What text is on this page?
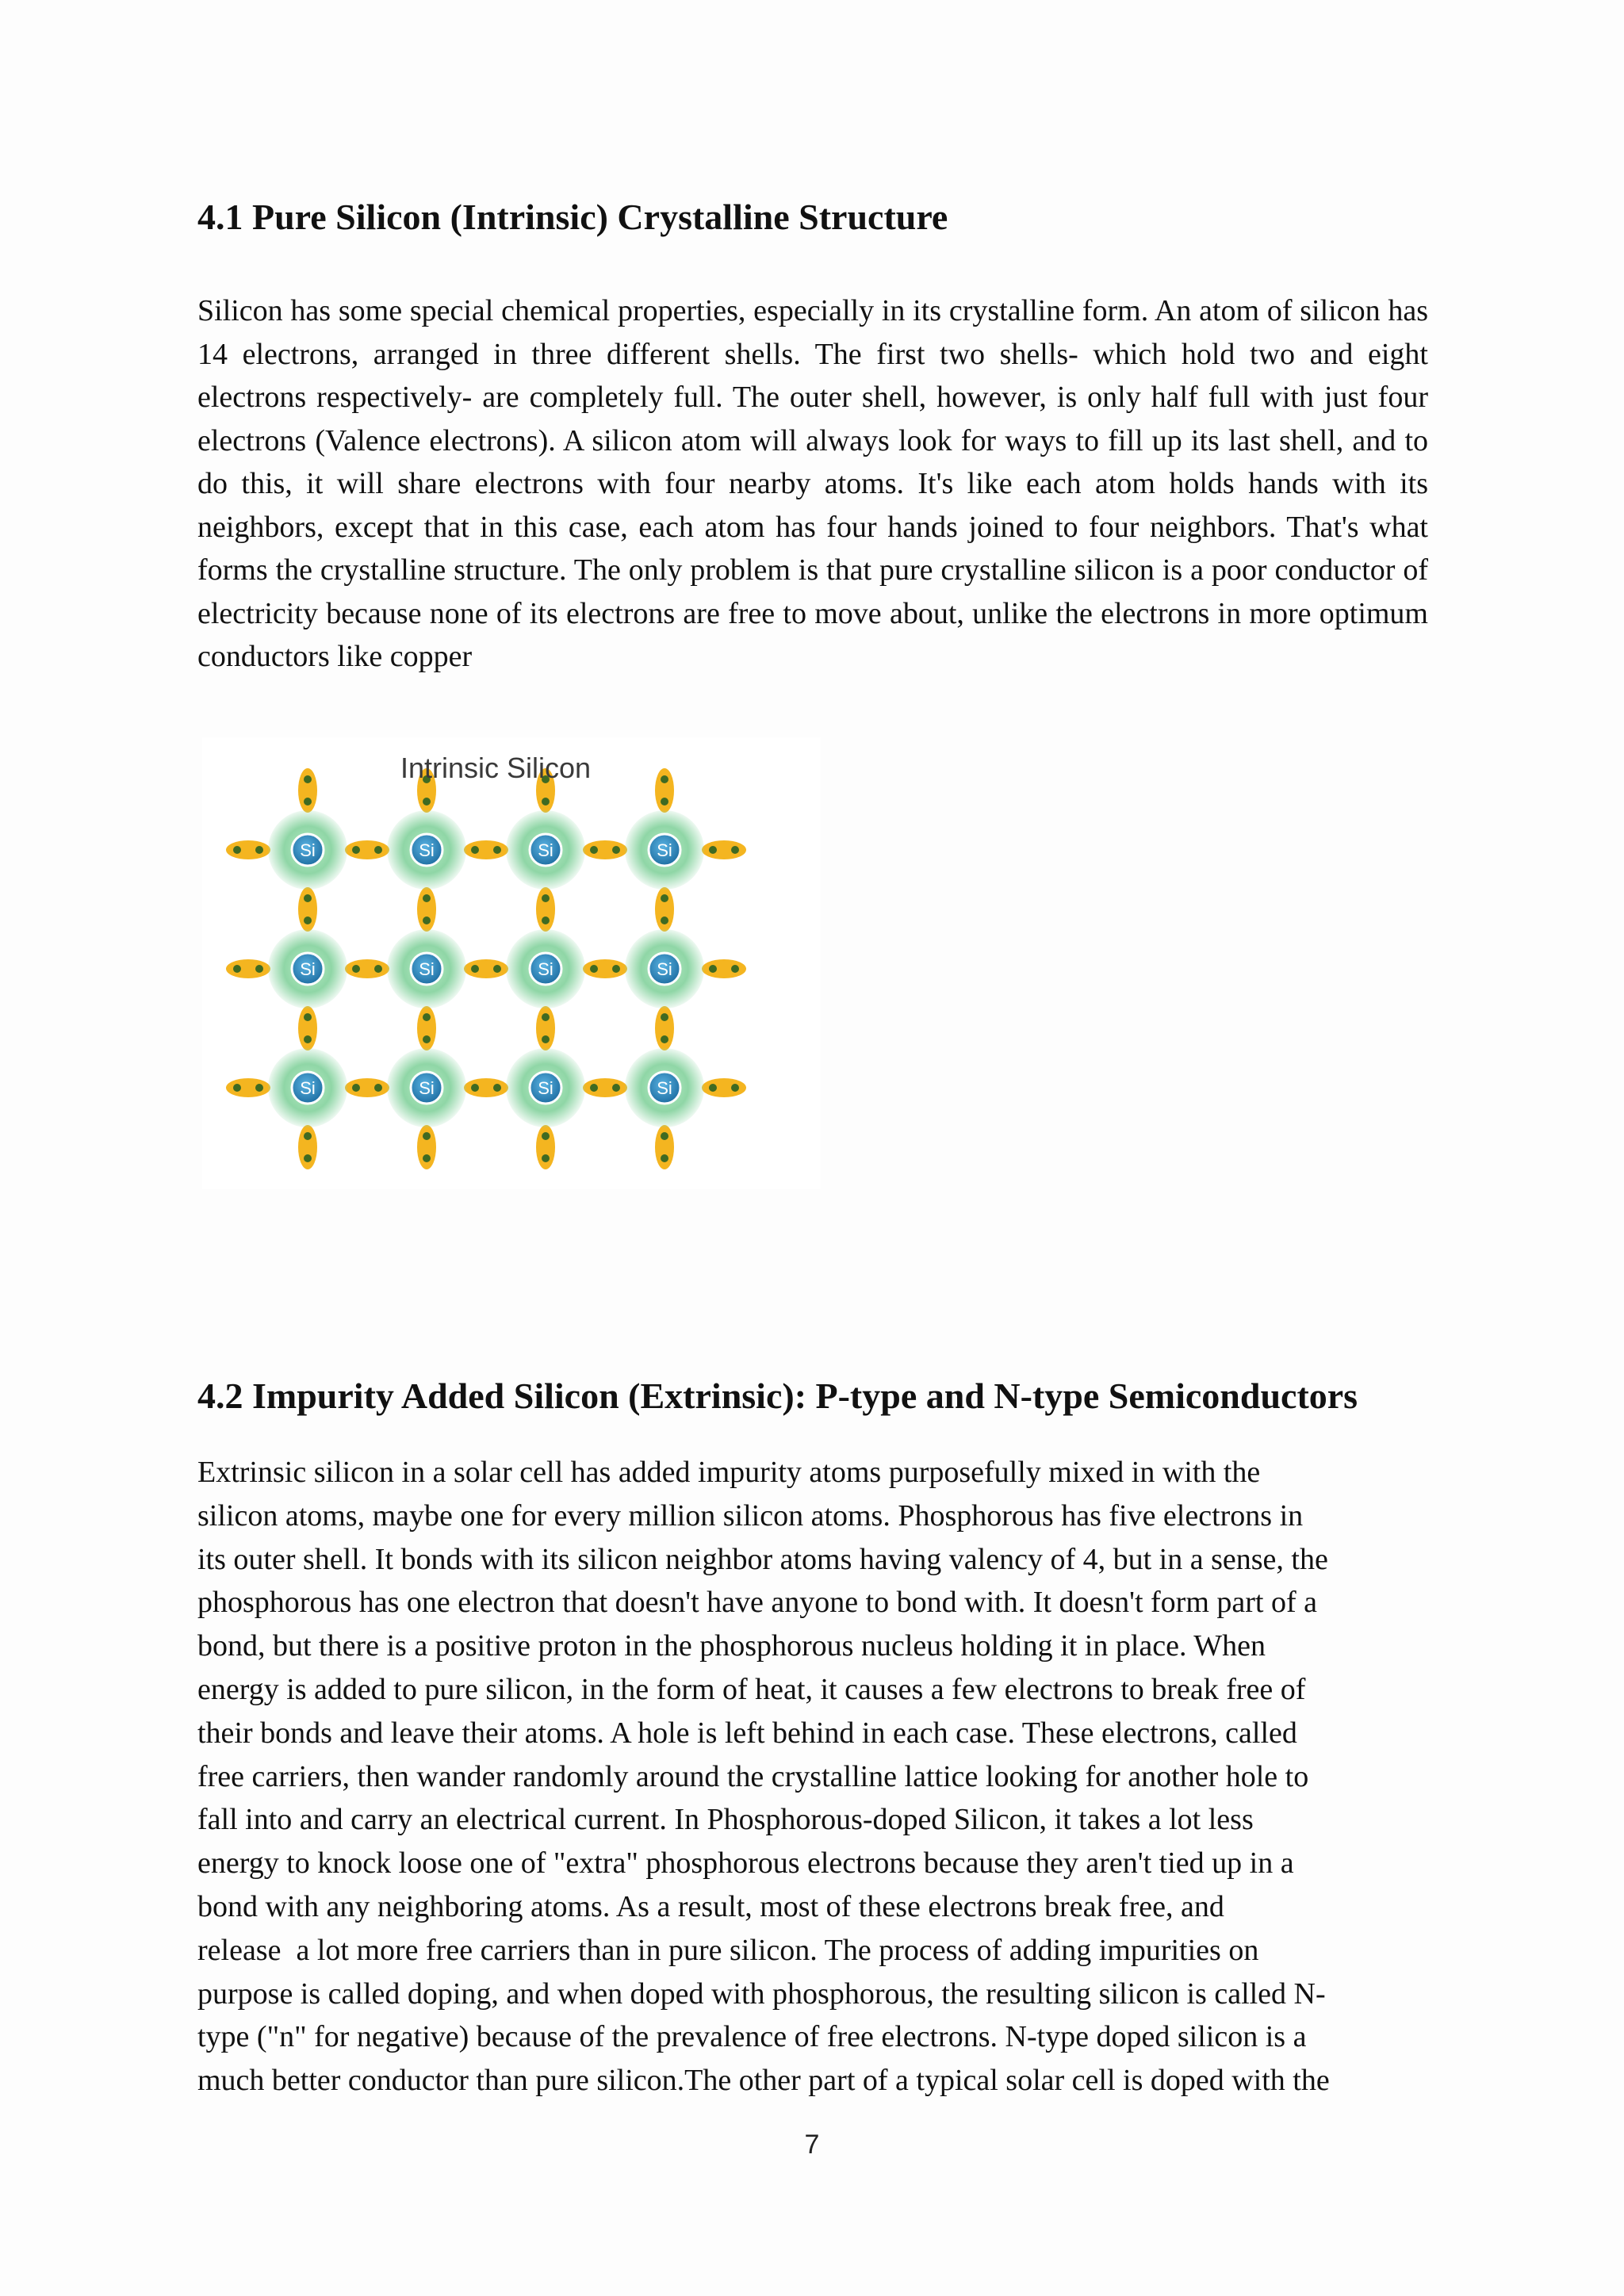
4.1 Pure Silicon (Intrinsic) Crystalline Structure

Silicon has some special chemical properties, especially in its crystalline form. An atom of silicon has 14 electrons, arranged in three different shells. The first two shells- which hold two and eight electrons respectively- are completely full. The outer shell, however, is only half full with just four electrons (Valence electrons). A silicon atom will always look for ways to fill up its last shell, and to do this, it will share electrons with four nearby atoms. It's like each atom holds hands with its neighbors, except that in this case, each atom has four hands joined to four neighbors. That's what forms the crystalline structure. The only problem is that pure crystalline silicon is a poor conductor of electricity because none of its electrons are free to move about, unlike the electrons in more optimum conductors like copper

Si	Si	Si	Si
Si	Si	Si	Si
Si	Si	Si	Si
Intrinsic Silicon
4.2 Impurity Added Silicon (Extrinsic): P-type and N-type Semiconductors
Extrinsic silicon in a solar cell has added impurity atoms purposefully mixed in with the
silicon atoms, maybe one for every million silicon atoms. Phosphorous has five electrons in
its outer shell. It bonds with its silicon neighbor atoms having valency of 4, but in a sense, the
phosphorous has one electron that doesn't have anyone to bond with. It doesn't form part of a
bond, but there is a positive proton in the phosphorous nucleus holding it in place. When
energy is added to pure silicon, in the form of heat, it causes a few electrons to break free of
their bonds and leave their atoms. A hole is left behind in each case. These electrons, called
free carriers, then wander randomly around the crystalline lattice looking for another hole to
fall into and carry an electrical current. In Phosphorous-doped Silicon, it takes a lot less
energy to knock loose one of "extra" phosphorous electrons because they aren't tied up in a
bond with any neighboring atoms. As a result, most of these electrons break free, and
release  a lot more free carriers than in pure silicon. The process of adding impurities on
purpose is called doping, and when doped with phosphorous, the resulting silicon is called N-
type ("n" for negative) because of the prevalence of free electrons. N-type doped silicon is a
much better conductor than pure silicon.The other part of a typical solar cell is doped with the
7
